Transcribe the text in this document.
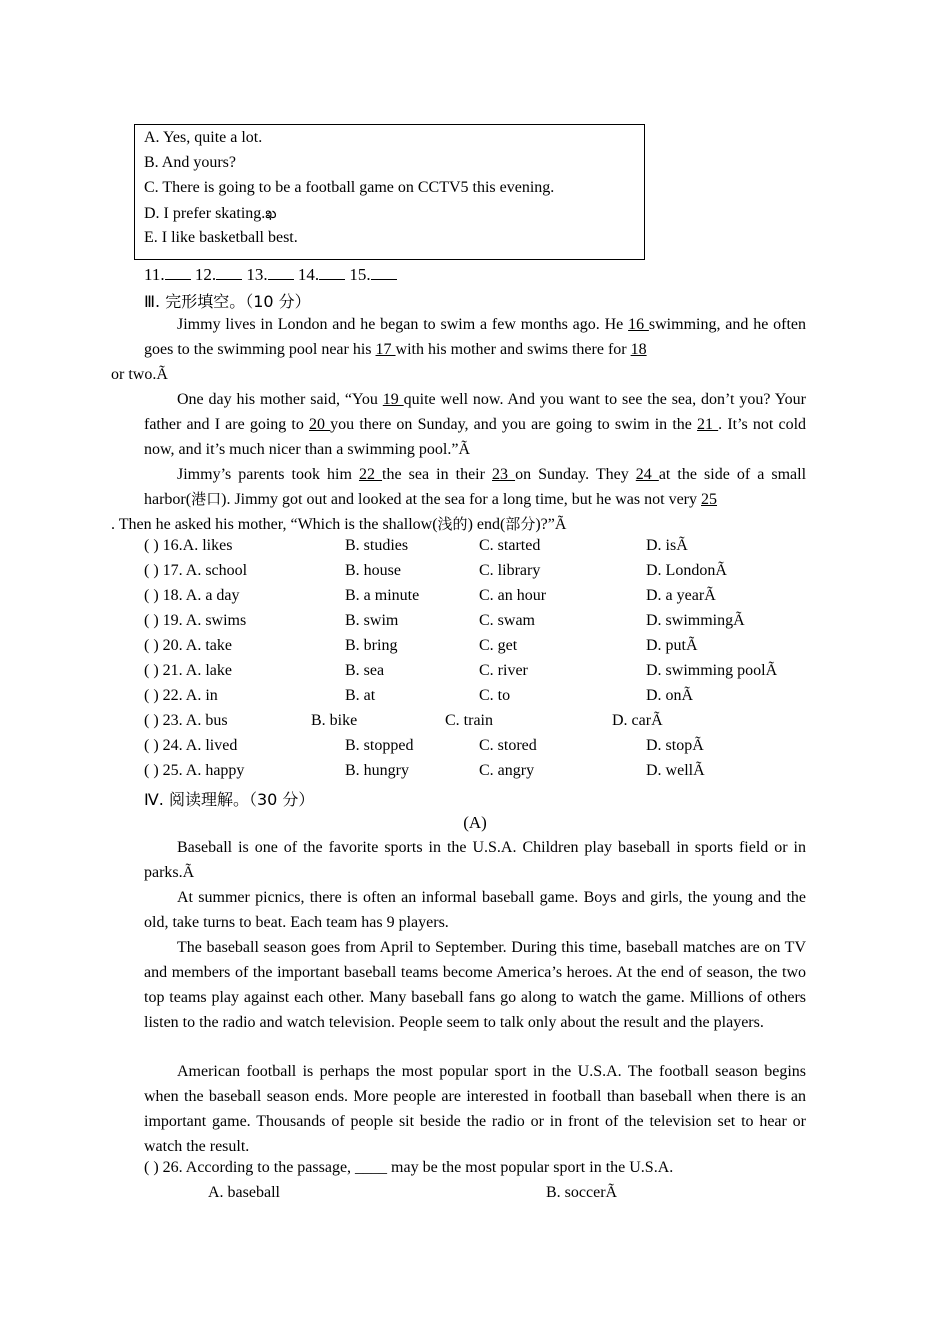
A. Yes, quite a lot.
B. And yours?
C. There is going to be a football game on CCTV5 this evening.
D. I prefer skating.ఖ
E. I like basketball best.
11. 12. 13. 14. 15.
Ⅲ. 完形填空。（10 分）
Jimmy lives in London and he began to swim a few months ago. He 16 swimming, and he often goes to the swimming pool near his 17 with his mother and swims there for 18
or two.Ã
One day his mother said, “You 19 quite well now. And you want to see the sea, don’t you? Your father and I are going to 20 you there on Sunday, and you are going to swim in the 21 . It’s not cold now, and it’s much nicer than a swimming pool.”Ã
Jimmy’s parents took him 22 the sea in their 23 on Sunday. They 24 at the side of a small harbor(港口). Jimmy got out and looked at the sea for a long time, but he was not very 25
. Then he asked his mother, “Which is the shallow(浅的) end(部分)?”Ã
( ) 16.A. likes	B. studies	C. started	D. isÃ
( ) 17. A. school	B. house	C. library	D. LondonÃ
( ) 18. A. a day	B. a minute	C. an hour	D. a yearÃ
( ) 19. A. swims	B. swim	C. swam	D. swimmingÃ
( ) 20. A. take	B. bring	C. get	D. putÃ
( ) 21. A. lake	B. sea	C. river	D. swimming poolÃ
( ) 22. A. in	B. at	C. to	D. onÃ
( ) 23. A. bus	B. bike	C. train	D. carÃ
( ) 24. A. lived	B. stopped	C. stored	D. stopÃ
( ) 25. A. happy	B. hungry	C. angry	D. wellÃ
Ⅳ. 阅读理解。（30 分）
(A)
Baseball is one of the favorite sports in the U.S.A. Children play baseball in sports field or in parks.Ã
At summer picnics, there is often an informal baseball game. Boys and girls, the young and the old, take turns to beat. Each team has 9 players.
The baseball season goes from April to September. During this time, baseball matches are on TV and members of the important baseball teams become America’s heroes. At the end of season, the two top teams play against each other. Many baseball fans go along to watch the game. Millions of others listen to the radio and watch television. People seem to talk only about the result and the players.
American football is perhaps the most popular sport in the U.S.A. The football season begins when the baseball season ends. More people are interested in football than baseball when there is an important game. Thousands of people sit beside the radio or in front of the television set to hear or watch the result.
( ) 26. According to the passage, ____ may be the most popular sport in the U.S.A.
A. baseball	B. soccerÃ
